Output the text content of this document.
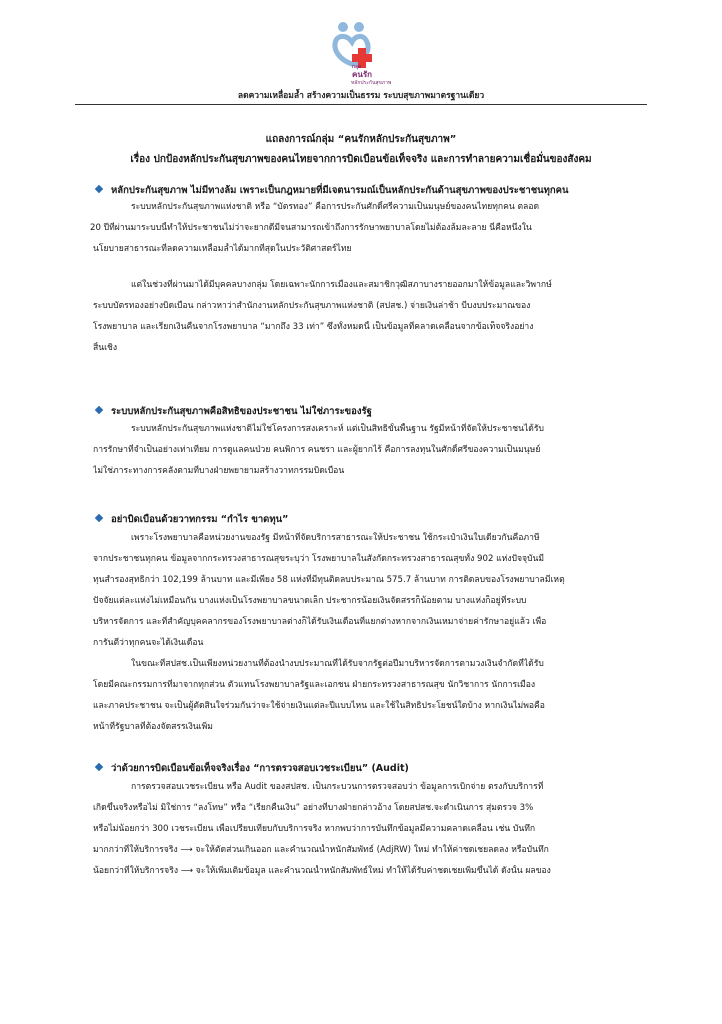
กลุ่ม
คนรัก
หลักประกันสุขภาพ
ลดความเหลื่อมล้ำ สร้างความเป็นธรรม ระบบสุขภาพมาตรฐานเดียว
แถลงการณ์กลุ่ม “คนรักหลักประกันสุขภาพ”
เรื่อง ปกป้องหลักประกันสุขภาพของคนไทยจากการบิดเบือนข้อเท็จจริง และการทำลายความเชื่อมั่นของสังคม
หลักประกันสุขภาพ ไม่มีทางล้ม เพราะเป็นกฎหมายที่มีเจตนารมณ์เป็นหลักประกันด้านสุขภาพของประชาชนทุกคน
ระบบหลักประกันสุขภาพแห่งชาติ หรือ “บัตรทอง” คือการประกันศักดิ์ศรีความเป็นมนุษย์ของคนไทยทุกคน ตลอด
20 ปีที่ผ่านมาระบบนี้ทำให้ประชาชนไม่ว่าจะยากดีมีจนสามารถเข้าถึงการรักษาพยาบาลโดยไม่ต้องล้มละลาย นี่คือหนึ่งใน
นโยบายสาธารณะที่ลดความเหลื่อมล้ำได้มากที่สุดในประวัติศาสตร์ไทย
แต่ในช่วงที่ผ่านมาได้มีบุคคลบางกลุ่ม โดยเฉพาะนักการเมืองและสมาชิกวุฒิสภาบางรายออกมาให้ข้อมูลและวิพากษ์
ระบบบัตรทองอย่างบิดเบือน กล่าวหาว่าสำนักงานหลักประกันสุขภาพแห่งชาติ (สปสช.) จ่ายเงินล่าช้า บีบงบประมาณของ
โรงพยาบาล และเรียกเงินคืนจากโรงพยาบาล “มากถึง 33 เท่า” ซึ่งทั้งหมดนี้ เป็นข้อมูลที่คลาดเคลื่อนจากข้อเท็จจริงอย่าง
สิ้นเชิง
ระบบหลักประกันสุขภาพคือสิทธิของประชาชน ไม่ใช่ภาระของรัฐ
ระบบหลักประกันสุขภาพแห่งชาติไม่ใช่โครงการสงเคราะห์ แต่เป็นสิทธิขั้นพื้นฐาน รัฐมีหน้าที่จัดให้ประชาชนได้รับ
การรักษาที่จำเป็นอย่างเท่าเทียม การดูแลคนป่วย คนพิการ คนชรา และผู้ยากไร้ คือการลงทุนในศักดิ์ศรีของความเป็นมนุษย์
ไม่ใช่ภาระทางการคลังตามที่บางฝ่ายพยายามสร้างวาทกรรมบิดเบือน
อย่าบิดเบือนด้วยวาทกรรม “กำไร ขาดทุน”
เพราะโรงพยาบาลคือหน่วยงานของรัฐ มีหน้าที่จัดบริการสาธารณะให้ประชาชน ใช้กระเป๋าเงินใบเดียวกันคือภาษี
จากประชาชนทุกคน ข้อมูลจากกระทรวงสาธารณสุขระบุว่า โรงพยาบาลในสังกัดกระทรวงสาธารณสุขทั้ง 902 แห่งปัจจุบันมี
ทุนสำรองสุทธิกว่า 102,199 ล้านบาท และมีเพียง 58 แห่งที่มีทุนติดลบประมาณ 575.7 ล้านบาท การติดลบของโรงพยาบาลมีเหตุ
ปัจจัยแต่ละแห่งไม่เหมือนกัน บางแห่งเป็นโรงพยาบาลขนาดเล็ก ประชากรน้อยเงินจัดสรรก็น้อยตาม บางแห่งก็อยู่ที่ระบบ
บริหารจัดการ และที่สำคัญบุคคลากรของโรงพยาบาลต่างก็ได้รับเงินเดือนที่แยกต่างหากจากเงินเหมาจ่ายค่ารักษาอยู่แล้ว เพื่อ
การันตีว่าทุกคนจะได้เงินเดือน
ในขณะที่สปสช.เป็นเพียงหน่วยงานที่ต้องนำงบประมาณที่ได้รับจากรัฐต่อปีมาบริหารจัดการตามวงเงินจำกัดที่ได้รับ
โดยมีคณะกรรมการที่มาจากทุกส่วน ตัวแทนโรงพยาบาลรัฐและเอกชน ฝ่ายกระทรวงสาธารณสุข นักวิชาการ นักการเมือง
และภาคประชาชน จะเป็นผู้ตัดสินใจร่วมกันว่าจะใช้จ่ายเงินแต่ละปีแบบไหน และใช้ในสิทธิประโยชน์ใดบ้าง หากเงินไม่พอคือ
หน้าที่รัฐบาลที่ต้องจัดสรรเงินเพิ่ม
ว่าด้วยการบิดเบือนข้อเท็จจริงเรื่อง “การตรวจสอบเวชระเบียน” (Audit)
การตรวจสอบเวชระเบียน หรือ Audit ของสปสช. เป็นกระบวนการตรวจสอบว่า ข้อมูลการเบิกจ่าย ตรงกับบริการที่
เกิดขึ้นจริงหรือไม่ มิใช่การ “ลงโทษ” หรือ “เรียกคืนเงิน” อย่างที่บางฝ่ายกล่าวอ้าง โดยสปสช.จะดำเนินการ สุ่มตรวจ 3%
หรือไม่น้อยกว่า 300 เวชระเบียน เพื่อเปรียบเทียบกับบริการจริง หากพบว่าการบันทึกข้อมูลมีความคลาดเคลื่อน เช่น บันทึก
มากกว่าที่ให้บริการจริง ⟶ จะให้ตัดส่วนเกินออก และคำนวณน้ำหนักสัมพัทธ์ (AdjRW) ใหม่ ทำให้ค่าชดเชยลดลง หรือบันทึก
น้อยกว่าที่ให้บริการจริง ⟶ จะให้เพิ่มเติมข้อมูล และคำนวณน้ำหนักสัมพัทธ์ใหม่ ทำให้ได้รับค่าชดเชยเพิ่มขึ้นได้ ดังนั้น ผลของ
